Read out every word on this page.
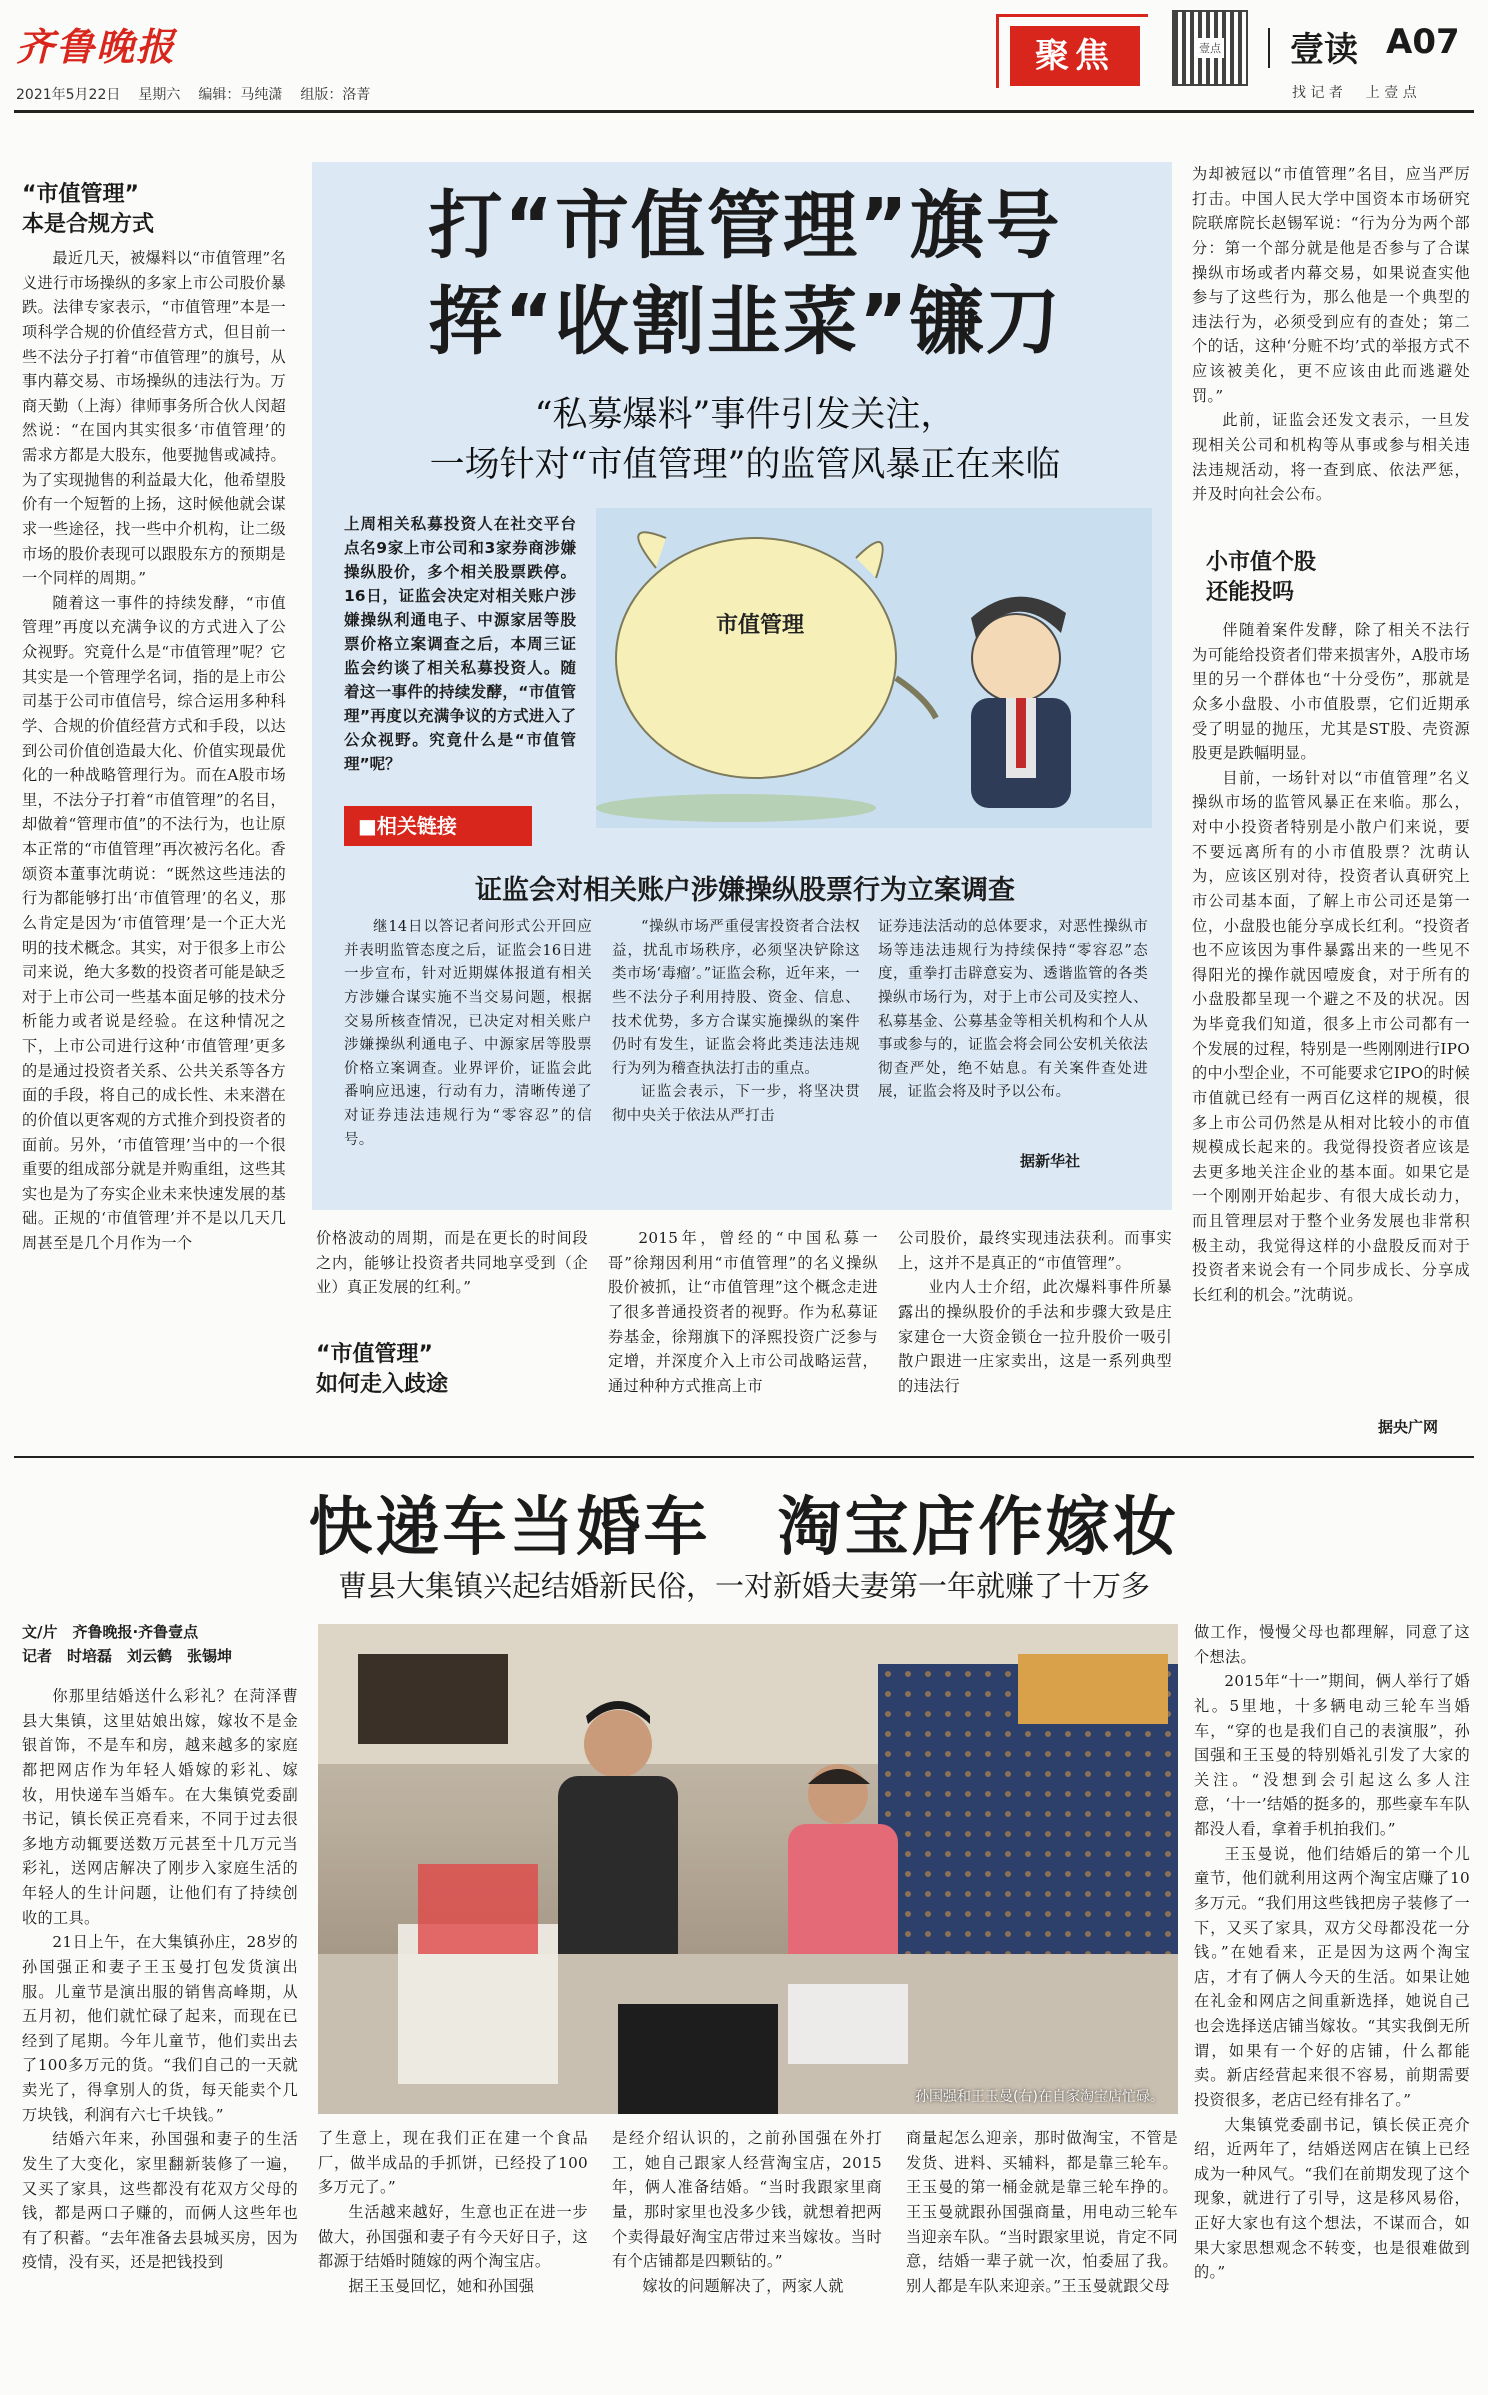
齐鲁晚报
2021年5月22日 星期六 编辑：马纯潇 组版：洛菁
聚焦	壹点 壹读 A07
找 记 者 　 上 壹 点
打“市值管理”旗号
挥“收割韭菜”镰刀
“私募爆料”事件引发关注，
一场针对“市值管理”的监管风暴正在来临
上周相关私募投资人在社交平台点名9家上市公司和3家券商涉嫌操纵股价，多个相关股票跌停。16日，证监会决定对相关账户涉嫌操纵利通电子、中源家居等股票价格立案调查之后，本周三证监会约谈了相关私募投资人。随着这一事件的持续发酵，“市值管理”再度以充满争议的方式进入了公众视野。究竟什么是“市值管理”呢？
市值管理
■相关链接
证监会对相关账户涉嫌操纵股票行为立案调查

继14日以答记者问形式公开回应并表明监管态度之后，证监会16日进一步宣布，针对近期媒体报道有相关方涉嫌合谋实施不当交易问题，根据交易所核查情况，已决定对相关账户涉嫌操纵利通电子、中源家居等股票价格立案调查。业界评价，证监会此番响应迅速，行动有力，清晰传递了对证券违法违规行为“零容忍”的信号。

“操纵市场严重侵害投资者合法权益，扰乱市场秩序，必须坚决铲除这类市场‘毒瘤’。”证监会称，近年来，一些不法分子利用持股、资金、信息、技术优势，多方合谋实施操纵的案件仍时有发生，证监会将此类违法违规行为列为稽查执法打击的重点。

证监会表示，下一步，将坚决贯彻中央关于依法从严打击

证券违法活动的总体要求，对恶性操纵市场等违法违规行为持续保持“零容忍”态度，重拳打击辟意妄为、透谐监管的各类操纵市场行为，对于上市公司及实控人、私募基金、公募基金等相关机构和个人从事或参与的，证监会将会同公安机关依法彻查严处，绝不姑息。有关案件查处进展，证监会将及时予以公布。

据新华社
“市值管理”
本是合规方式

最近几天，被爆料以“市值管理”名义进行市场操纵的多家上市公司股价暴跌。法律专家表示，“市值管理”本是一项科学合规的价值经营方式，但目前一些不法分子打着“市值管理”的旗号，从事内幕交易、市场操纵的违法行为。万商天勤（上海）律师事务所合伙人闵超然说：“在国内其实很多‘市值管理’的需求方都是大股东，他要抛售或减持。为了实现抛售的利益最大化，他希望股价有一个短暂的上扬，这时候他就会谋求一些途径，找一些中介机构，让二级市场的股价表现可以跟股东方的预期是一个同样的周期。”

随着这一事件的持续发酵，“市值管理”再度以充满争议的方式进入了公众视野。究竟什么是“市值管理”呢？它其实是一个管理学名词，指的是上市公司基于公司市值信号，综合运用多种科学、合规的价值经营方式和手段，以达到公司价值创造最大化、价值实现最优化的一种战略管理行为。而在A股市场里，不法分子打着“市值管理”的名目，却做着“管理市值”的不法行为，也让原本正常的“市值管理”再次被污名化。香颂资本董事沈萌说：“既然这些违法的行为都能够打出‘市值管理’的名义，那么肯定是因为‘市值管理’是一个正大光明的技术概念。其实，对于很多上市公司来说，绝大多数的投资者可能是缺乏对于上市公司一些基本面足够的技术分析能力或者说是经验。在这种情况之下，上市公司进行这种‘市值管理’更多的是通过投资者关系、公共关系等各方面的手段，将自己的成长性、未来潜在的价值以更客观的方式推介到投资者的面前。另外，‘市值管理’当中的一个很重要的组成部分就是并购重组，这些其实也是为了夯实企业未来快速发展的基础。正规的‘市值管理’并不是以几天几周甚至是几个月作为一个	价格波动的周期，而是在更长的时间段之内，能够让投资者共同地享受到（企业）真正发展的红利。”

“市值管理”
如何走入歧途

2015年，曾经的“中国私募一哥”徐翔因利用“市值管理”的名义操纵股价被抓，让“市值管理”这个概念走进了很多普通投资者的视野。作为私募证券基金，徐翔旗下的泽熙投资广泛参与定增，并深度介入上市公司战略运营，通过种种方式推高上市

公司股价，最终实现违法获利。而事实上，这并不是真正的“市值管理”。

业内人士介绍，此次爆料事件所暴露出的操纵股价的手法和步骤大致是庄家建仓一大资金锁仓一拉升股价一吸引散户跟进一庄家卖出，这是一系列典型的违法行

为却被冠以“市值管理”名目，应当严厉打击。中国人民大学中国资本市场研究院联席院长赵锡军说：“行为分为两个部分：第一个部分就是他是否参与了合谋操纵市场或者内幕交易，如果说查实他参与了这些行为，那么他是一个典型的违法行为，必须受到应有的查处；第二个的话，这种‘分赃不均’式的举报方式不应该被美化，更不应该由此而逃避处罚。”

此前，证监会还发文表示，一旦发现相关公司和机构等从事或参与相关违法违规活动，将一查到底、依法严惩，并及时向社会公布。

小市值个股
还能投吗

伴随着案件发酵，除了相关不法行为可能给投资者们带来损害外，A股市场里的另一个群体也“十分受伤”，那就是众多小盘股、小市值股票，它们近期承受了明显的抛压，尤其是ST股、壳资源股更是跌幅明显。

目前，一场针对以“市值管理”名义操纵市场的监管风暴正在来临。那么，对中小投资者特别是小散户们来说，要不要远离所有的小市值股票？沈萌认为，应该区别对待，投资者认真研究上市公司基本面，了解上市公司还是第一位，小盘股也能分享成长红利。“投资者也不应该因为事件暴露出来的一些见不得阳光的操作就因噎废食，对于所有的小盘股都呈现一个避之不及的状况。因为毕竟我们知道，很多上市公司都有一个发展的过程，特别是一些刚刚进行IPO的中小型企业，不可能要求它IPO的时候市值就已经有一两百亿这样的规模，很多上市公司仍然是从相对比较小的市值规模成长起来的。我觉得投资者应该是去更多地关注企业的基本面。如果它是一个刚刚开始起步、有很大成长动力，而且管理层对于整个业务发展也非常积极主动，我觉得这样的小盘股反而对于投资者来说会有一个同步成长、分享成长红利的机会。”沈萌说。

据央广网
快递车当婚车　淘宝店作嫁妆
曹县大集镇兴起结婚新民俗，一对新婚夫妻第一年就赚了十万多
文/片　齐鲁晚报·齐鲁壹点
记者　时培磊　刘云鹤　张锡坤

你那里结婚送什么彩礼？在菏泽曹县大集镇，这里姑娘出嫁，嫁妆不是金银首饰，不是车和房，越来越多的家庭都把网店作为年轻人婚嫁的彩礼、嫁妆，用快递车当婚车。在大集镇党委副书记，镇长侯正亮看来，不同于过去很多地方动辄要送数万元甚至十几万元当彩礼，送网店解决了刚步入家庭生活的年轻人的生计问题，让他们有了持续创收的工具。

21日上午，在大集镇孙庄，28岁的孙国强正和妻子王玉曼打包发货演出服。儿童节是演出服的销售高峰期，从五月初，他们就忙碌了起来，而现在已经到了尾期。今年儿童节，他们卖出去了100多万元的货。“我们自己的一天就卖光了，得拿别人的货，每天能卖个几万块钱，利润有六七千块钱。”

结婚六年来，孙国强和妻子的生活发生了大变化，家里翻新装修了一遍，又买了家具，这些都没有花双方父母的钱，都是两口子赚的，而俩人这些年也有了积蓄。“去年准备去县城买房，因为疫情，没有买，还是把钱投到

孙国强和王玉曼(右)在自家淘宝店忙碌。

了生意上，现在我们正在建一个食品厂，做半成品的手抓饼，已经投了100多万元了。”

生活越来越好，生意也正在进一步做大，孙国强和妻子有今天好日子，这都源于结婚时随嫁的两个淘宝店。

据王玉曼回忆，她和孙国强

是经介绍认识的，之前孙国强在外打工，她自己跟家人经营淘宝店，2015年，俩人准备结婚。“当时我跟家里商量，那时家里也没多少钱，就想着把两个卖得最好淘宝店带过来当嫁妆。当时有个店铺都是四颗钻的。”

嫁妆的问题解决了，两家人就

商量起怎么迎亲，那时做淘宝，不管是发货、进料、买辅料，都是靠三轮车。王玉曼的第一桶金就是靠三轮车挣的。王玉曼就跟孙国强商量，用电动三轮车当迎亲车队。“当时跟家里说，肯定不同意，结婚一辈子就一次，怕委屈了我。别人都是车队来迎亲。”王玉曼就跟父母

做工作，慢慢父母也都理解，同意了这个想法。

2015年“十一”期间，俩人举行了婚礼。5里地，十多辆电动三轮车当婚车，“穿的也是我们自己的表演服”，孙国强和王玉曼的特别婚礼引发了大家的关注。“没想到会引起这么多人注意，‘十一’结婚的挺多的，那些豪车车队都没人看，拿着手机拍我们。”

王玉曼说，他们结婚后的第一个儿童节，他们就利用这两个淘宝店赚了10多万元。“我们用这些钱把房子装修了一下，又买了家具，双方父母都没花一分钱。”在她看来，正是因为这两个淘宝店，才有了俩人今天的生活。如果让她在礼金和网店之间重新选择，她说自己也会选择送店铺当嫁妆。“其实我倒无所谓，如果有一个好的店铺，什么都能卖。新店经营起来很不容易，前期需要投资很多，老店已经有排名了。”

大集镇党委副书记，镇长侯正亮介绍，近两年了，结婚送网店在镇上已经成为一种风气。“我们在前期发现了这个现象，就进行了引导，这是移风易俗，正好大家也有这个想法，不谋而合，如果大家思想观念不转变，也是很难做到的。”
